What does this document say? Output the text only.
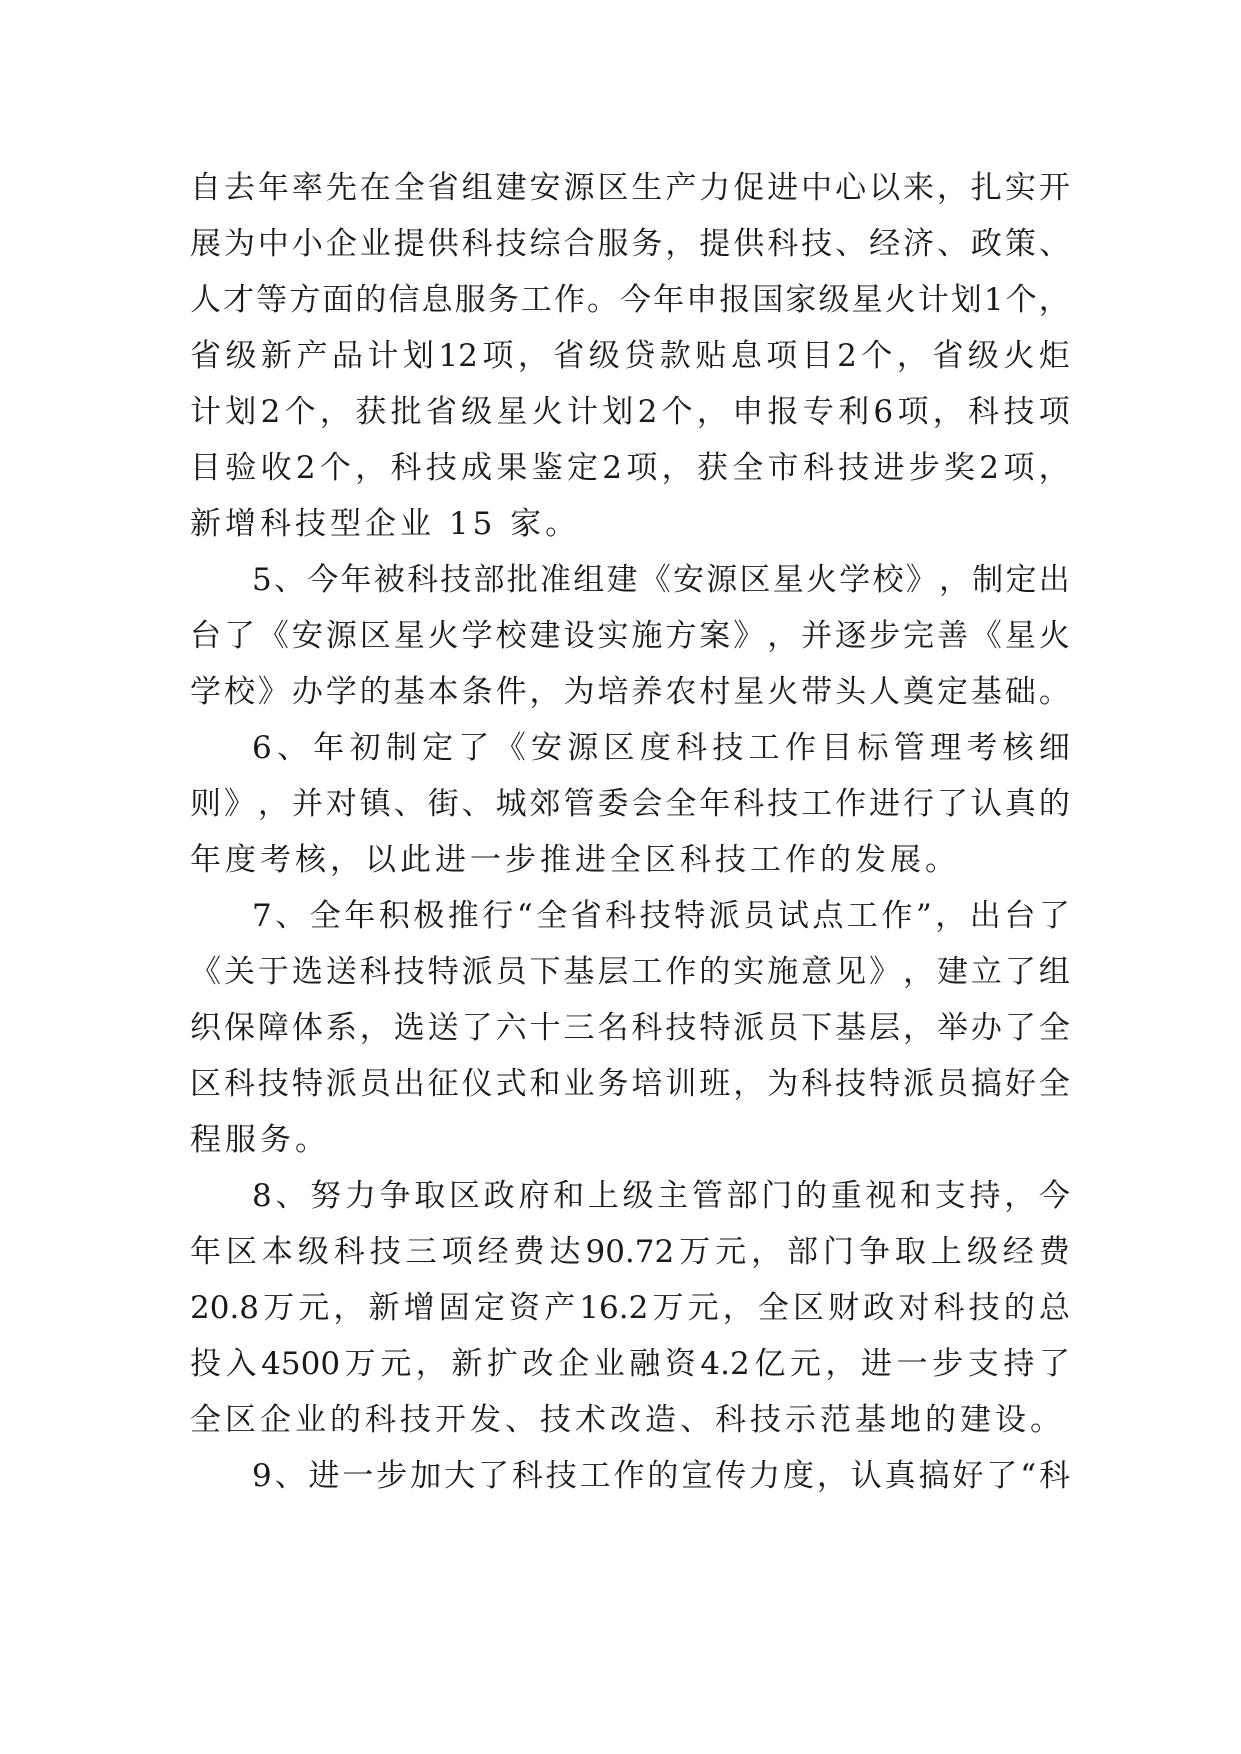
自 去 年 率 先 在 全 省 组 建 安 源 区 生 产 力 促 进 中 心 以 来 ， 扎 实 开
展 为 中 小 企 业 提 供 科 技 综 合 服 务 ， 提 供 科 技 、 经 济 、 政 策 、
人 才 等 方 面 的 信 息 服 务 工 作 。 今 年 申 报 国 家 级 星 火 计 划 1 个 ，
省 级 新 产 品 计 划 12 项 ， 省 级 贷 款 贴 息 项 目 2 个 ， 省 级 火 炬
计 划 2 个 ， 获 批 省 级 星 火 计 划 2 个 ， 申 报 专 利 6 项 ， 科 技 项
目 验 收 2 个 ， 科 技 成 果 鉴 定 2 项 ， 获 全 市 科 技 进 步 奖 2 项 ，
新增科技型企业 15 家。
5 、 今 年 被 科 技 部 批 准 组 建 《 安 源 区 星 火 学 校 》 ， 制 定 出
台 了 《 安 源 区 星 火 学 校 建 设 实 施 方 案 》 ， 并 逐 步 完 善 《 星 火
学 校 》 办 学 的 基 本 条 件 ， 为 培 养 农 村 星 火 带 头 人 奠 定 基 础 。
6 、 年 初 制 定 了 《 安 源 区 度 科 技 工 作 目 标 管 理 考 核 细
则 》 ， 并 对 镇 、 街 、 城 郊 管 委 会 全 年 科 技 工 作 进 行 了 认 真 的
年度考核，以此进一步推进全区科技工作的发展。
7 、 全 年 积 极 推 行 “ 全 省 科 技 特 派 员 试 点 工 作 ” ， 出 台 了
《 关 于 选 送 科 技 特 派 员 下 基 层 工 作 的 实 施 意 见 》 ， 建 立 了 组
织 保 障 体 系 ， 选 送 了 六 十 三 名 科 技 特 派 员 下 基 层 ， 举 办 了 全
区 科 技 特 派 员 出 征 仪 式 和 业 务 培 训 班 ， 为 科 技 特 派 员 搞 好 全
程服务。
8 、 努 力 争 取 区 政 府 和 上 级 主 管 部 门 的 重 视 和 支 持 ， 今
年 区 本 级 科 技 三 项 经 费 达 90.72 万 元 ， 部 门 争 取 上 级 经 费
20.8 万 元 ， 新 增 固 定 资 产 16.2 万 元 ， 全 区 财 政 对 科 技 的 总
投 入 4500 万 元 ， 新 扩 改 企 业 融 资 4.2 亿 元 ， 进 一 步 支 持 了
全区企业的科技开发、技术改造、科技示范基地的建设。
9 、 进 一 步 加 大 了 科 技 工 作 的 宣 传 力 度 ， 认 真 搞 好 了 “ 科
